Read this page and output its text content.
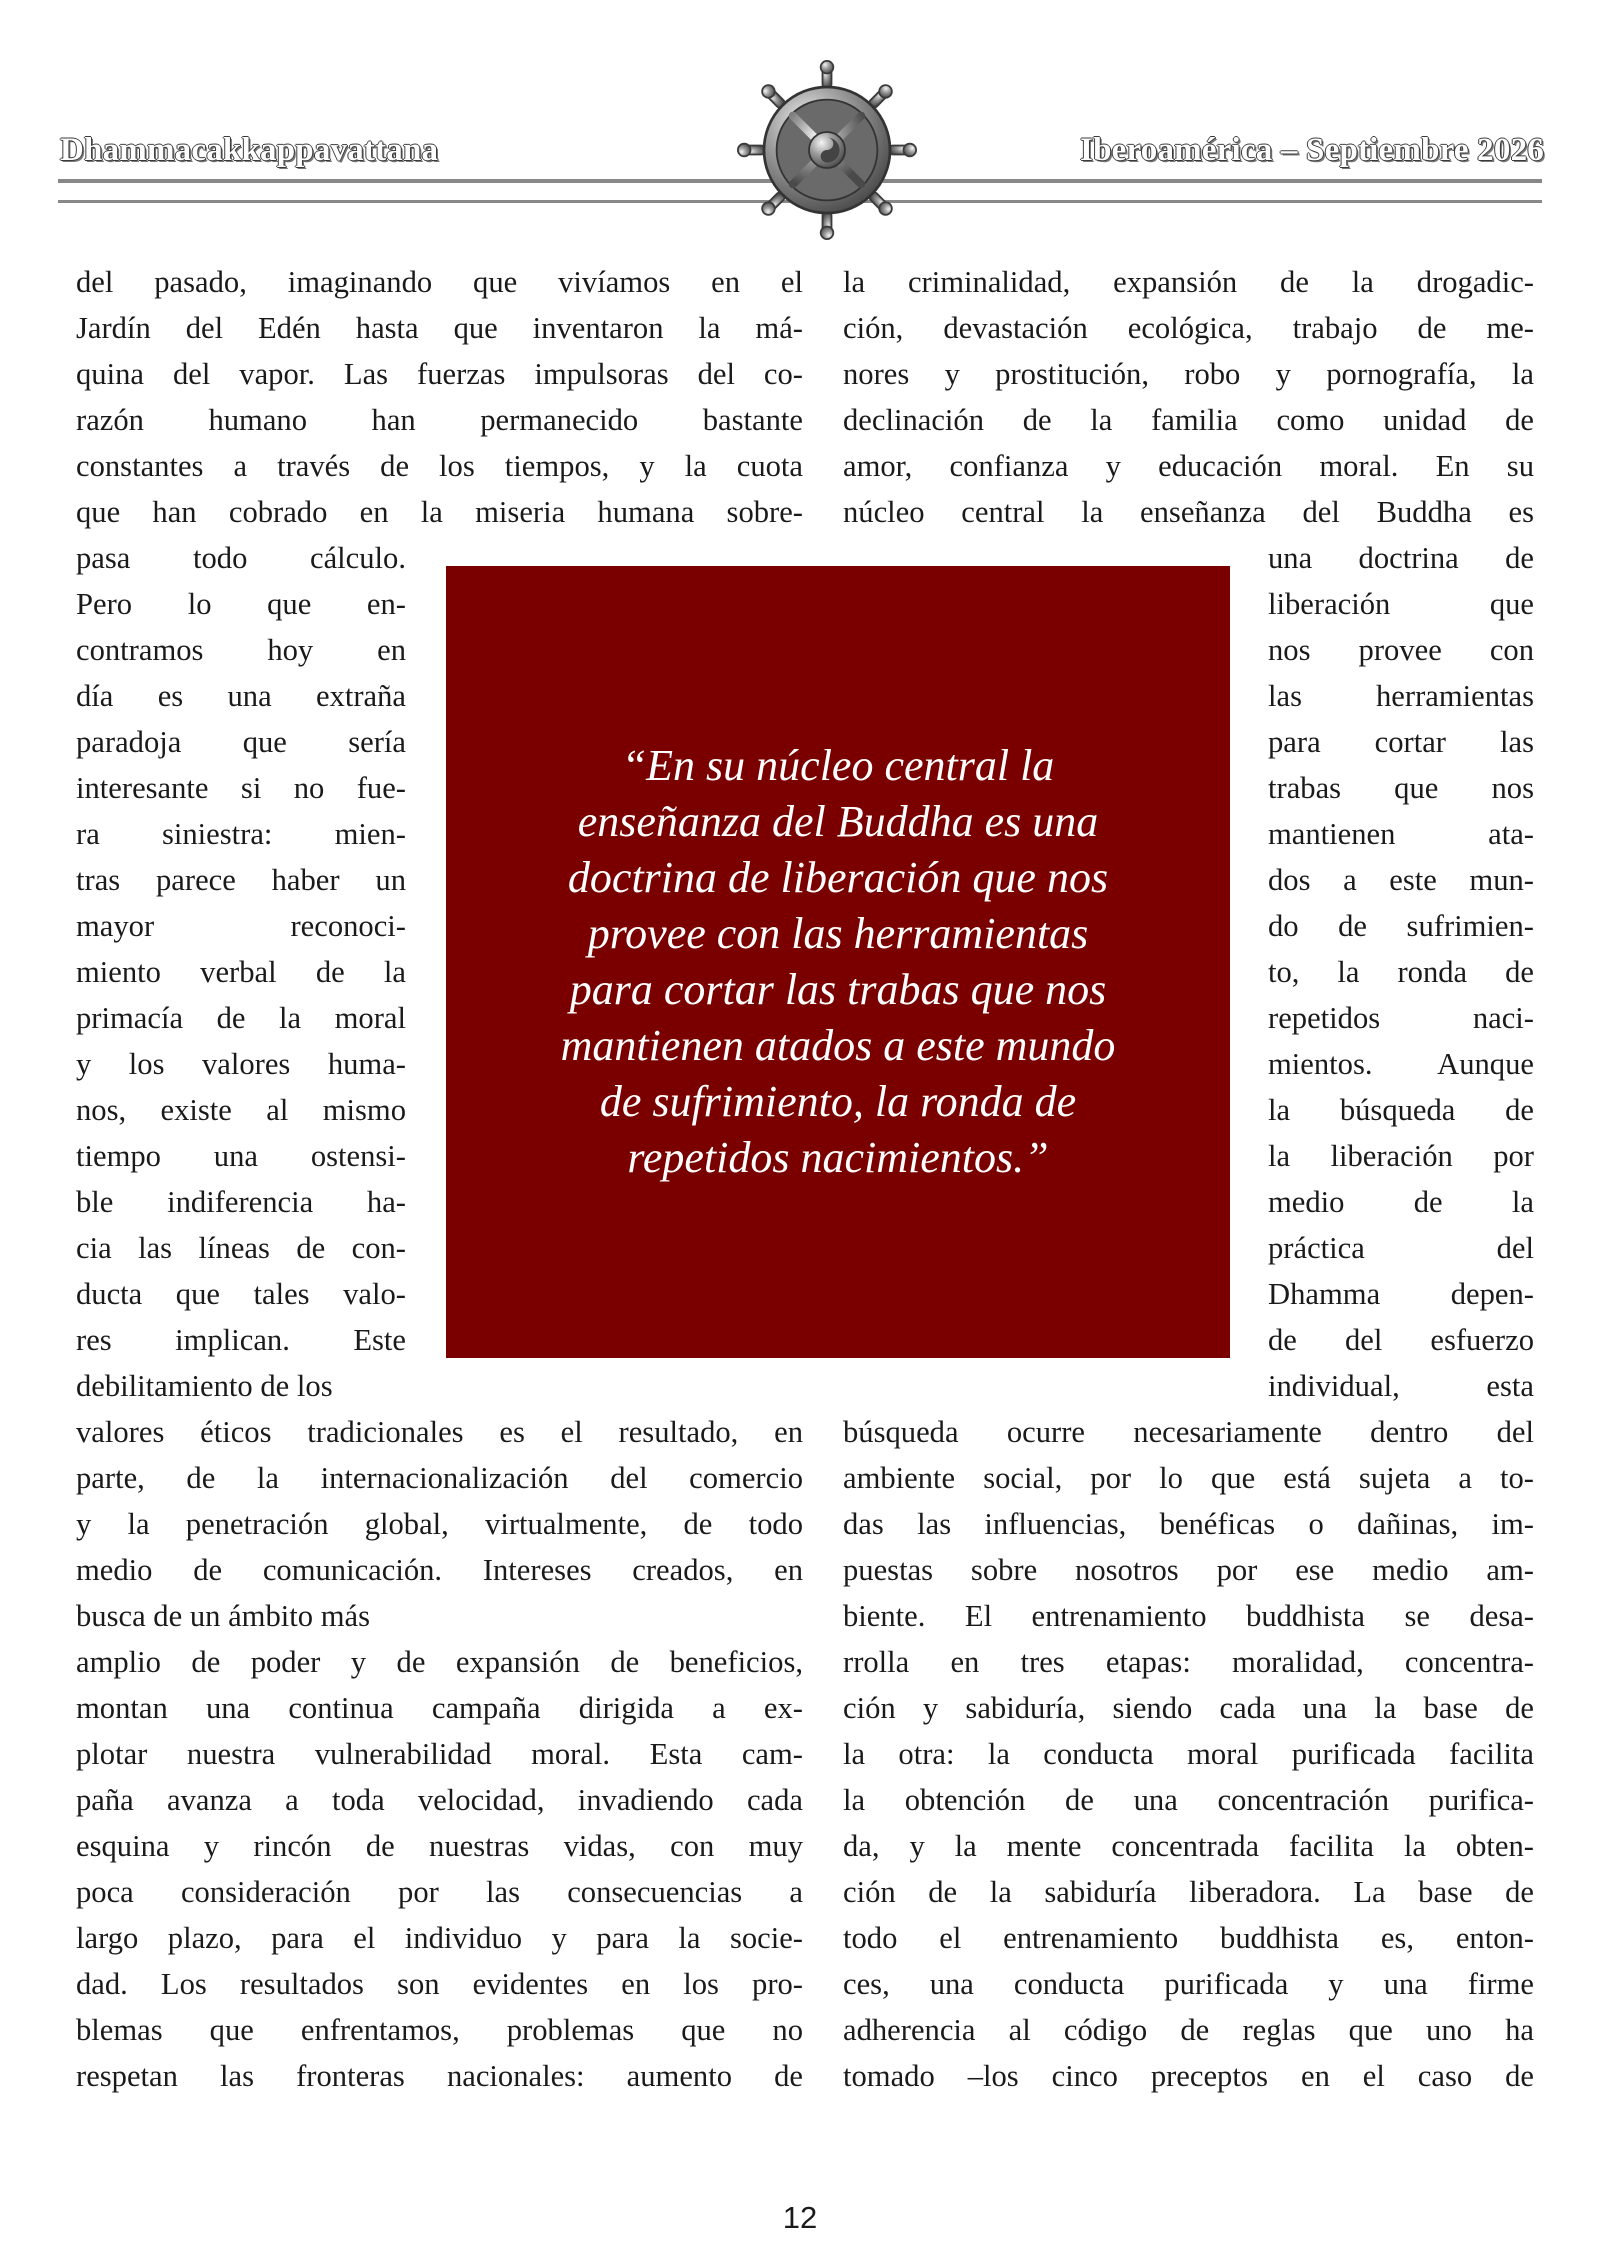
Dhammacakkappavattana	Iberoamérica – Septiembre 2026

del pasado, imaginando que vivíamos en el

Jardín del Edén hasta que inventaron la má-

quina del vapor. Las fuerzas impulsoras del co-

razón humano han permanecido bastante

constantes a través de los tiempos, y la cuota

que han cobrado en la miseria humana sobre-

pasa todo cálculo.

Pero lo que en-

contramos hoy en

día es una extraña

paradoja que sería

interesante si no fue-

ra siniestra: mien-

tras parece haber un

mayor reconoci-

miento verbal de la

primacía de la moral

y los valores huma-

nos, existe al mismo

tiempo una ostensi-

ble indiferencia ha-

cia las líneas de con-

ducta que tales valo-

res implican. Este

debilitamiento de los

valores éticos tradicionales es el resultado, en

parte, de la internacionalización del comercio

y la penetración global, virtualmente, de todo

medio de comunicación. Intereses creados, en

busca de un ámbito más

amplio de poder y de expansión de beneficios,

montan una continua campaña dirigida a ex-

plotar nuestra vulnerabilidad moral. Esta cam-

paña avanza a toda velocidad, invadiendo cada

esquina y rincón de nuestras vidas, con muy

poca consideración por las consecuencias a

largo plazo, para el individuo y para la socie-

dad. Los resultados son evidentes en los pro-

blemas que enfrentamos, problemas que no

respetan las fronteras nacionales: aumento de

la criminalidad, expansión de la drogadic-

ción, devastación ecológica, trabajo de me-

nores y prostitución, robo y pornografía, la

declinación de la familia como unidad de

amor, confianza y educación moral. En su

núcleo central la enseñanza del Buddha es

una doctrina de

liberación que

nos provee con

las herramientas

para cortar las

trabas que nos

mantienen ata-

dos a este mun-

do de sufrimien-

to, la ronda de

repetidos naci-

mientos. Aunque

la búsqueda de

la liberación por

medio de la

práctica del

Dhamma depen-

de del esfuerzo

individual, esta

búsqueda ocurre necesariamente dentro del

ambiente social, por lo que está sujeta a to-

das las influencias, benéficas o dañinas, im-

puestas sobre nosotros por ese medio am-

biente. El entrenamiento buddhista se desa-

rrolla en tres etapas: moralidad, concentra-

ción y sabiduría, siendo cada una la base de

la otra: la conducta moral purificada facilita

la obtención de una concentración purifica-

da, y la mente concentrada facilita la obten-

ción de la sabiduría liberadora. La base de

todo el entrenamiento buddhista es, enton-

ces, una conducta purificada y una firme

adherencia al código de reglas que uno ha

tomado –los cinco preceptos en el caso de

“En su núcleo central la
enseñanza del Buddha es una
doctrina de liberación que nos
provee con las herramientas
para cortar las trabas que nos
mantienen atados a este mundo
de sufrimiento, la ronda de
repetidos nacimientos.”
12
